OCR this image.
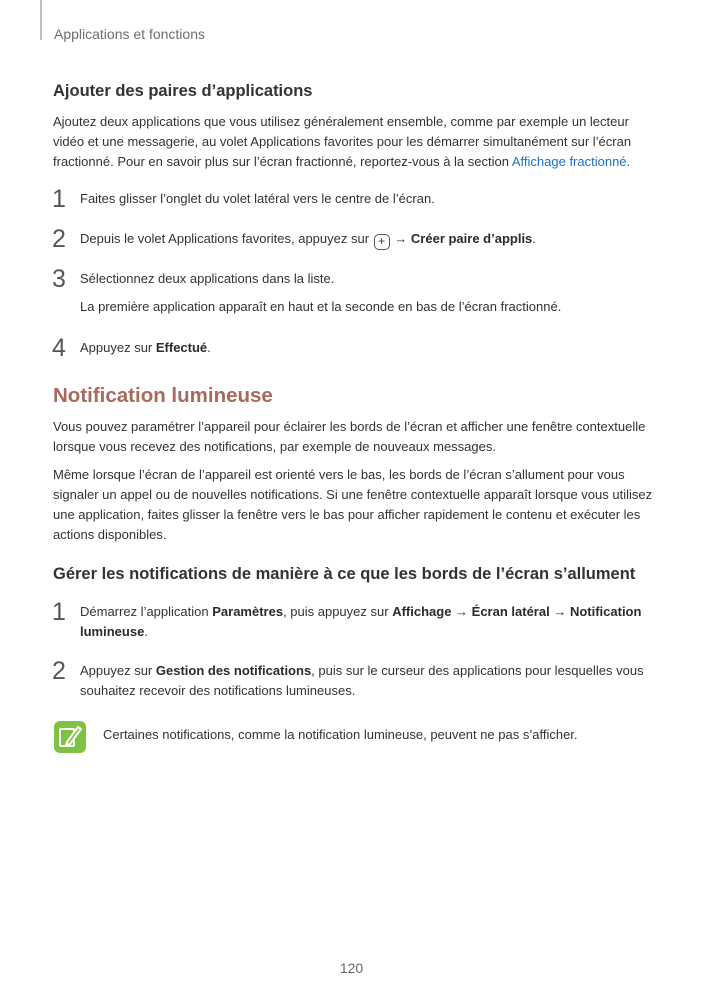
Applications et fonctions
Ajouter des paires d’applications

Ajoutez deux applications que vous utilisez généralement ensemble, comme par exemple un lecteur vidéo et une messagerie, au volet Applications favorites pour les démarrer simultanément sur l’écran fractionné. Pour en savoir plus sur l’écran fractionné, reportez-vous à la section Affichage fractionné.

1 Faites glisser l’onglet du volet latéral vers le centre de l’écran.
2 Depuis le volet Applications favorites, appuyez sur + → Créer paire d’applis.
3 Sélectionnez deux applications dans la liste.
La première application apparaît en haut et la seconde en bas de l’écran fractionné.
4 Appuyez sur Effectué.
Notification lumineuse

Vous pouvez paramétrer l’appareil pour éclairer les bords de l’écran et afficher une fenêtre contextuelle lorsque vous recevez des notifications, par exemple de nouveaux messages.

Même lorsque l’écran de l’appareil est orienté vers le bas, les bords de l’écran s’allument pour vous signaler un appel ou de nouvelles notifications. Si une fenêtre contextuelle apparaît lorsque vous utilisez une application, faites glisser la fenêtre vers le bas pour afficher rapidement le contenu et exécuter les actions disponibles.

Gérer les notifications de manière à ce que les bords de l’écran s’allument
1 Démarrez l’application Paramètres, puis appuyez sur Affichage → Écran latéral → Notification lumineuse.
2 Appuyez sur Gestion des notifications, puis sur le curseur des applications pour lesquelles vous souhaitez recevoir des notifications lumineuses.
Certaines notifications, comme la notification lumineuse, peuvent ne pas s’afficher.
120
